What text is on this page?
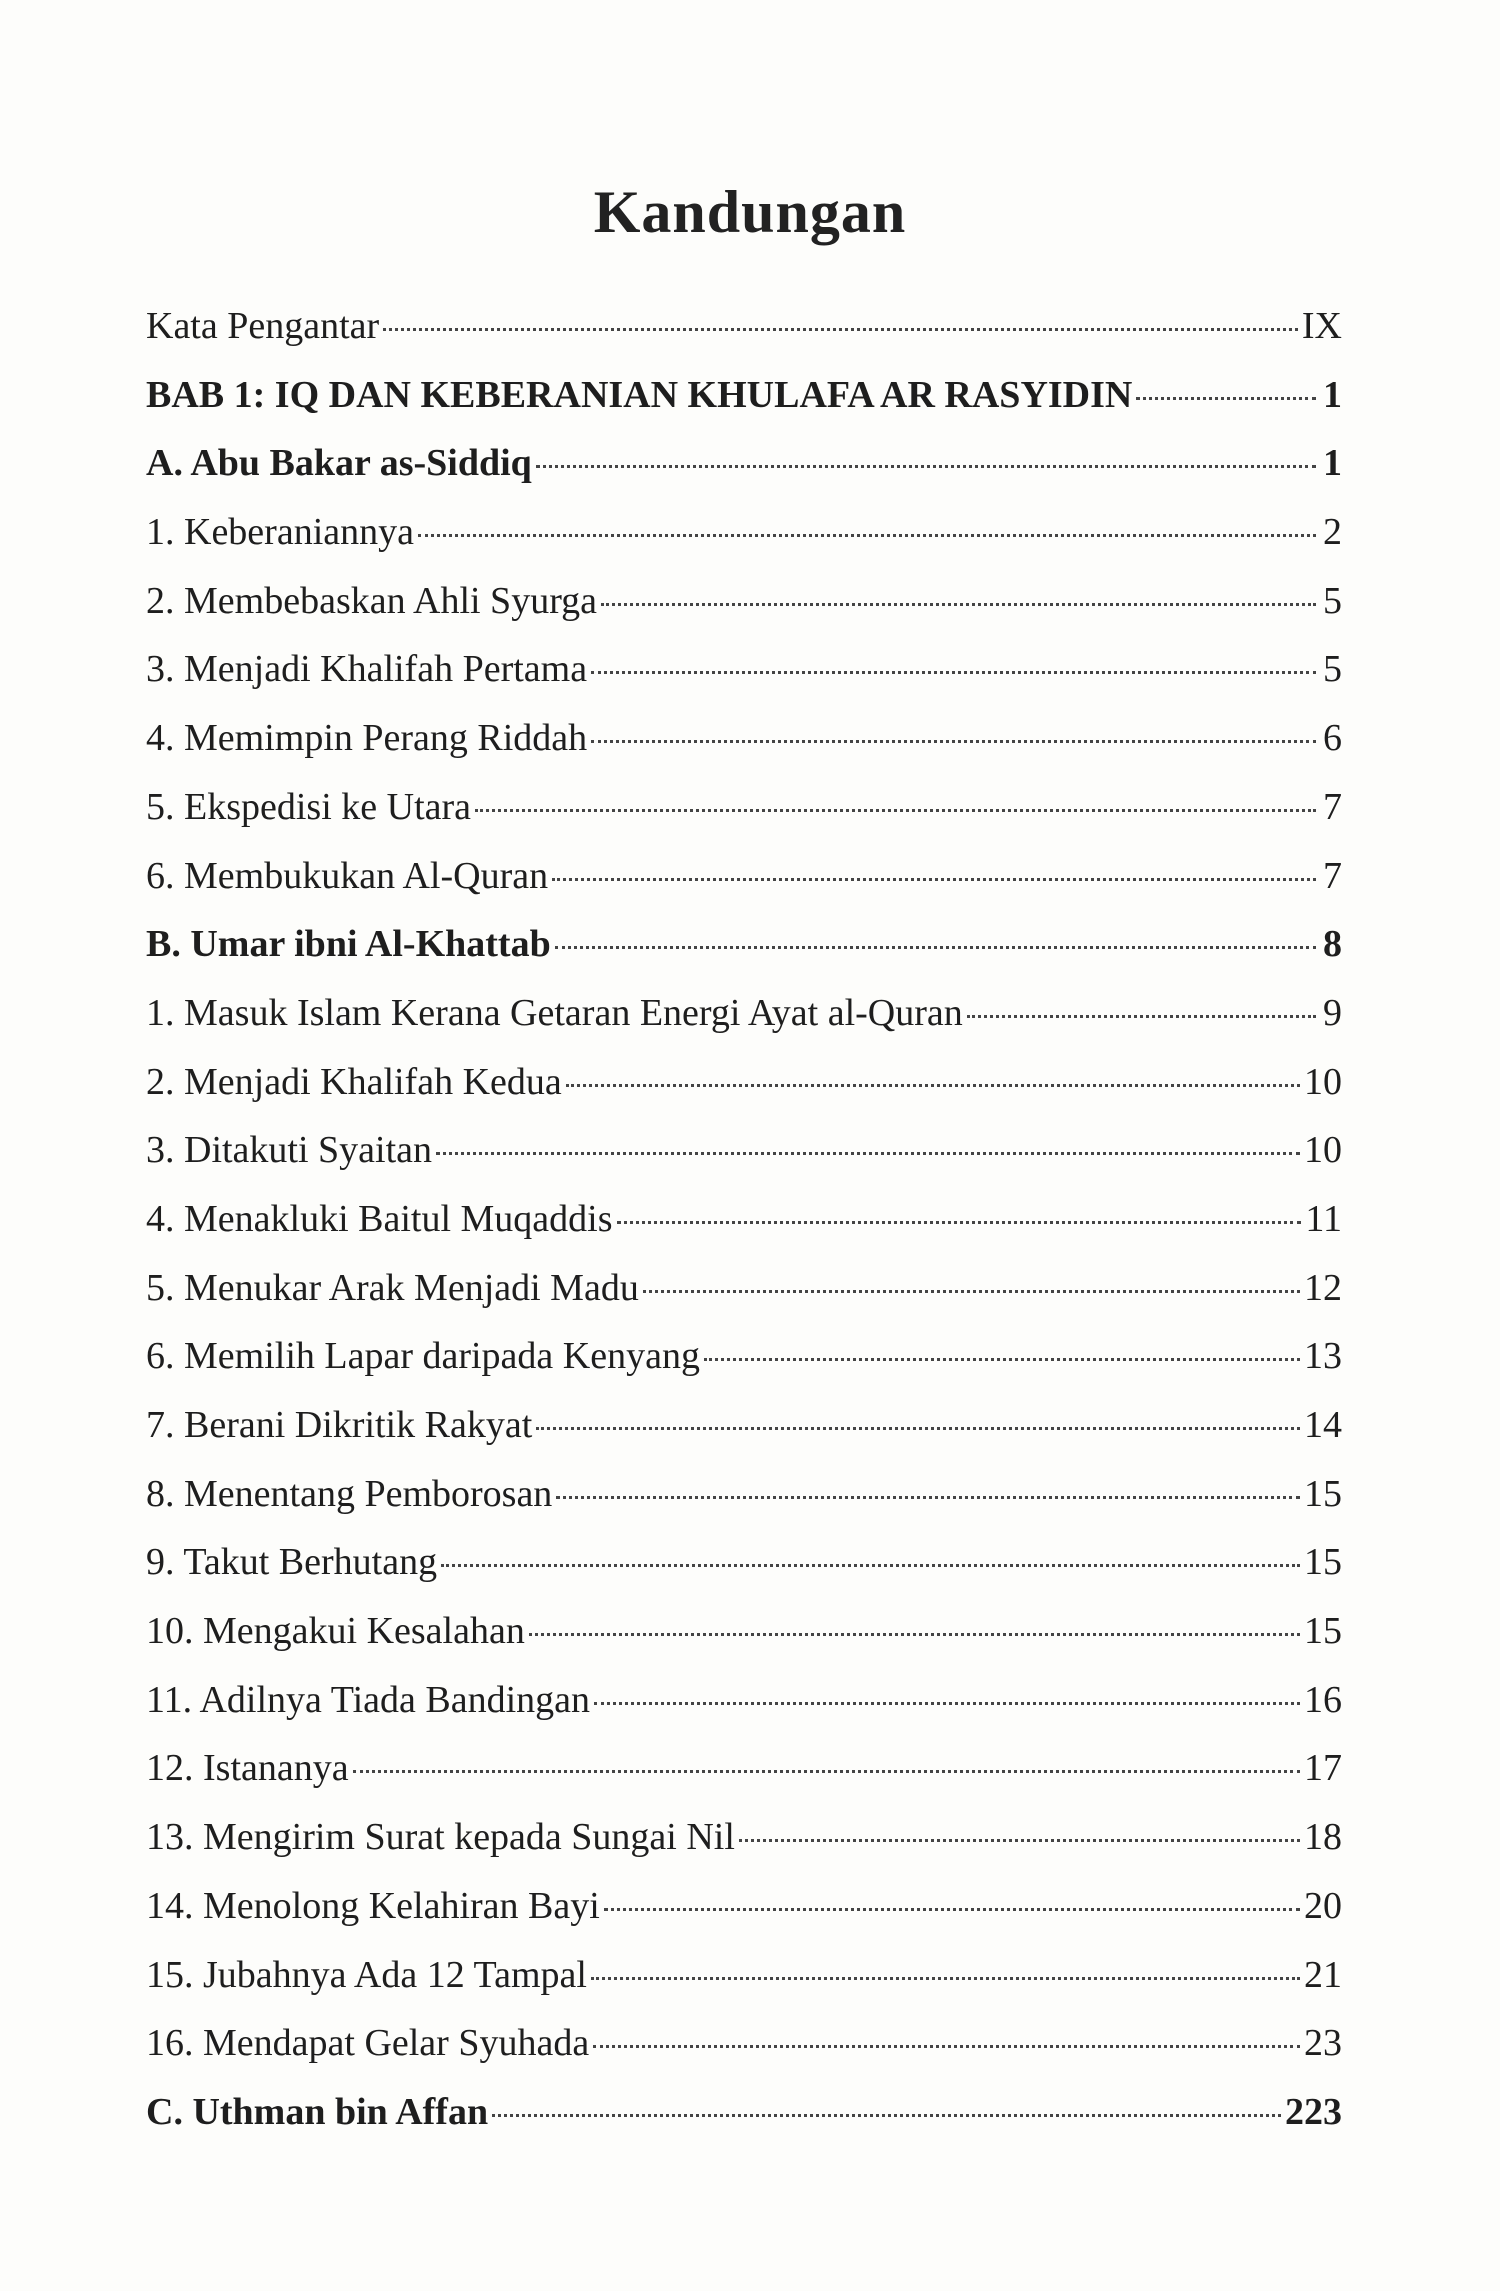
Kandungan
Kata Pengantar	IX
BAB 1: IQ DAN KEBERANIAN KHULAFA AR RASYIDIN	1
A. Abu Bakar as-Siddiq	1
1. Keberaniannya	2
2. Membebaskan Ahli Syurga	5
3. Menjadi Khalifah Pertama	5
4. Memimpin Perang Riddah	6
5. Ekspedisi ke Utara	7
6. Membukukan Al-Quran	7
B. Umar ibni Al-Khattab	8
1. Masuk Islam Kerana Getaran Energi Ayat al-Quran	9
2. Menjadi Khalifah Kedua	10
3. Ditakuti Syaitan	10
4. Menakluki Baitul Muqaddis	11
5. Menukar Arak Menjadi Madu	12
6. Memilih Lapar daripada Kenyang	13
7. Berani Dikritik Rakyat	14
8. Menentang Pemborosan	15
9. Takut Berhutang	15
10. Mengakui Kesalahan	15
11. Adilnya Tiada Bandingan	16
12. Istananya	17
13. Mengirim Surat kepada Sungai Nil	18
14. Menolong Kelahiran Bayi	20
15. Jubahnya Ada 12 Tampal	21
16. Mendapat Gelar Syuhada	23
C. Uthman bin Affan	223
